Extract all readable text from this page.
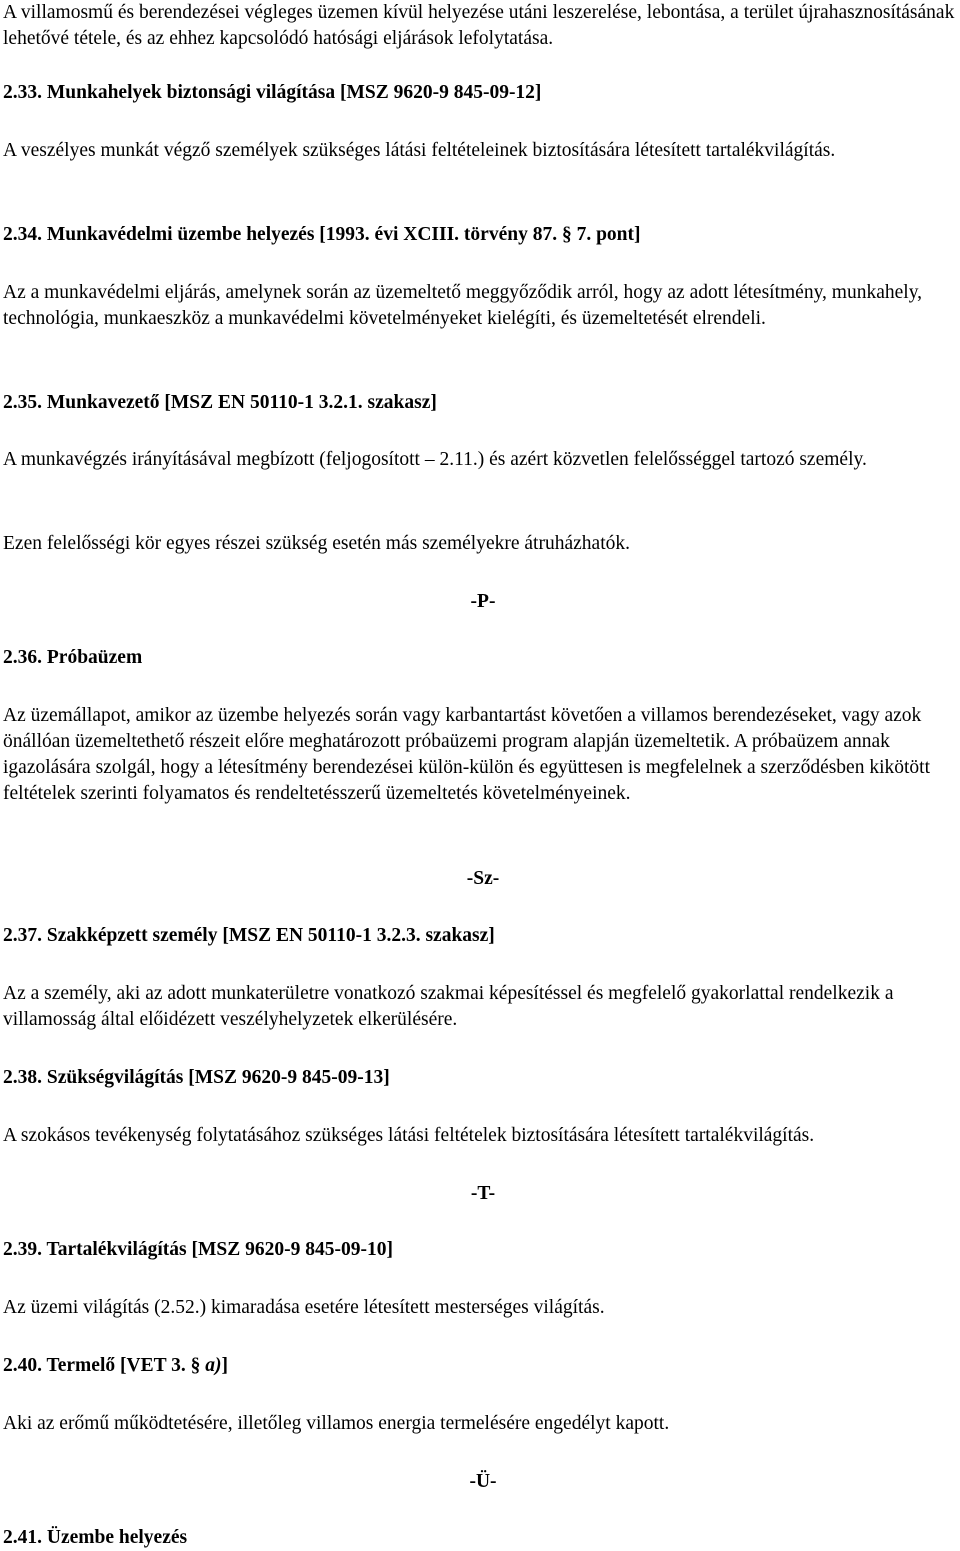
A villamosmű és berendezései végleges üzemen kívül helyezése utáni leszerelése, lebontása, a terület újrahasznosításának lehetővé tétele, és az ehhez kapcsolódó hatósági eljárások lefolytatása.

2.33. Munkahelyek biztonsági világítása [MSZ 9620-9 845-09-12]

A veszélyes munkát végző személyek szükséges látási feltételeinek biztosítására létesített tartalékvilágítás.

2.34. Munkavédelmi üzembe helyezés [1993. évi XCIII. törvény 87. § 7. pont]

Az a munkavédelmi eljárás, amelynek során az üzemeltető meggyőződik arról, hogy az adott létesítmény, munkahely, technológia, munkaeszköz a munkavédelmi követelményeket kielégíti, és üzemeltetését elrendeli.

2.35. Munkavezető [MSZ EN 50110-1 3.2.1. szakasz]

A munkavégzés irányításával megbízott (feljogosított – 2.11.) és azért közvetlen felelősséggel tartozó személy.

Ezen felelősségi kör egyes részei szükség esetén más személyekre átruházhatók.

-P-

2.36. Próbaüzem

Az üzemállapot, amikor az üzembe helyezés során vagy karbantartást követően a villamos berendezéseket, vagy azok önállóan üzemeltethető részeit előre meghatározott próbaüzemi program alapján üzemeltetik. A próbaüzem annak igazolására szolgál, hogy a létesítmény berendezései külön-külön és együttesen is megfelelnek a szerződésben kikötött feltételek szerinti folyamatos és rendeltetésszerű üzemeltetés követelményeinek.

-Sz-

2.37. Szakképzett személy [MSZ EN 50110-1 3.2.3. szakasz]

Az a személy, aki az adott munkaterületre vonatkozó szakmai képesítéssel és megfelelő gyakorlattal rendelkezik a villamosság által előidézett veszélyhelyzetek elkerülésére.

2.38. Szükségvilágítás [MSZ 9620-9 845-09-13]

A szokásos tevékenység folytatásához szükséges látási feltételek biztosítására létesített tartalékvilágítás.

-T-

2.39. Tartalékvilágítás [MSZ 9620-9 845-09-10]

Az üzemi világítás (2.52.) kimaradása esetére létesített mesterséges világítás.

2.40. Termelő [VET 3. § a)]

Aki az erőmű működtetésére, illetőleg villamos energia termelésére engedélyt kapott.

-Ü-

2.41. Üzembe helyezés
